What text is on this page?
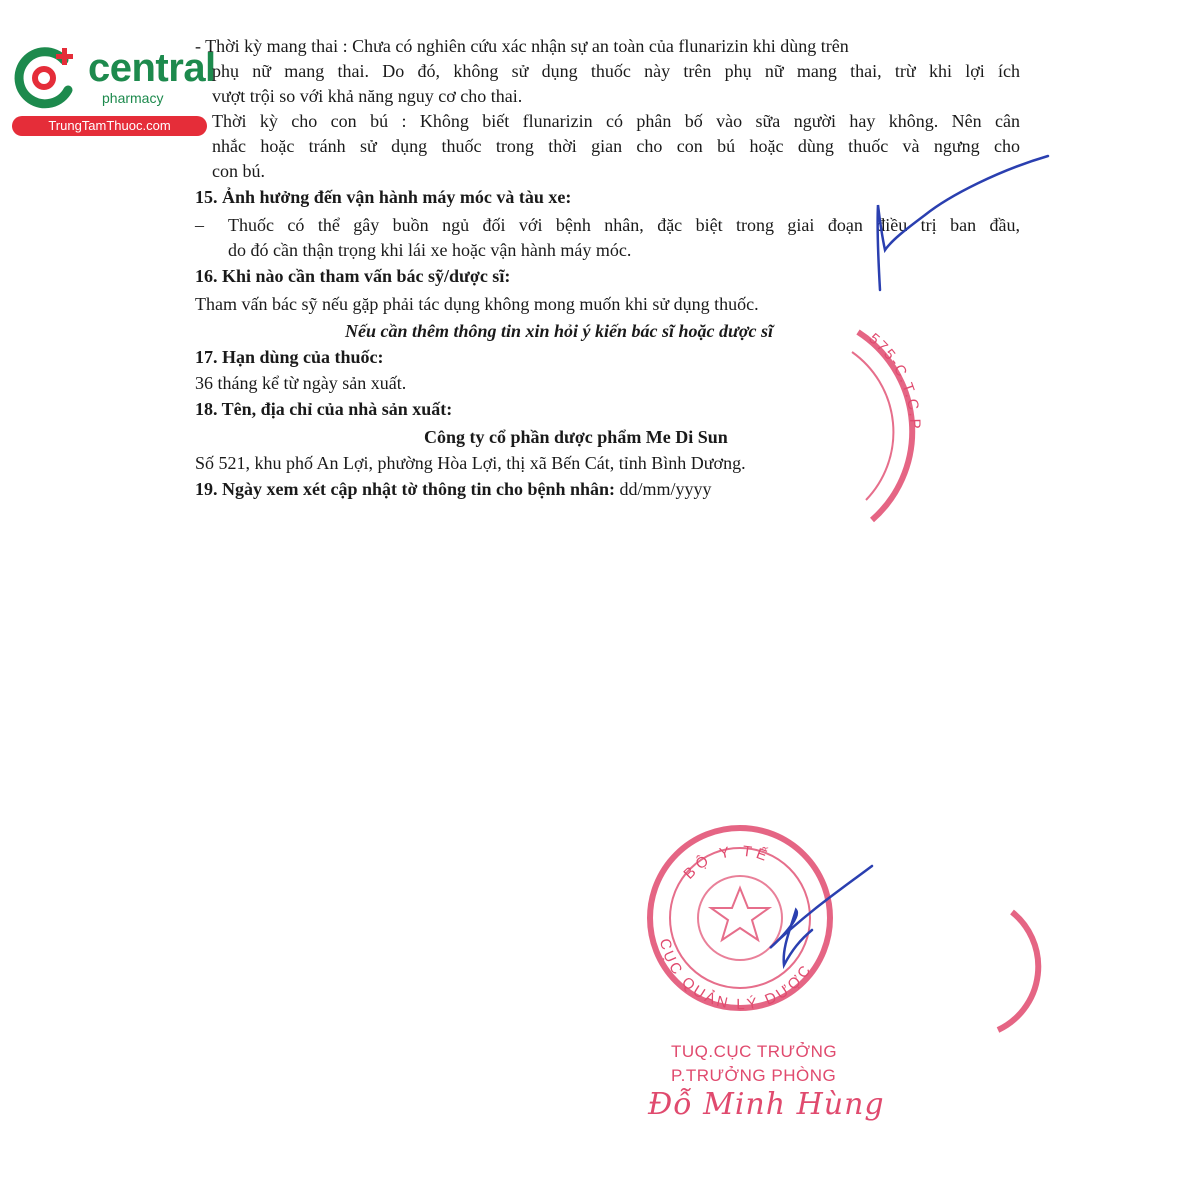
central
pharmacy
TrungTamThuoc.com
- Thời kỳ mang thai : Chưa có nghiên cứu xác nhận sự an toàn của flunarizin khi dùng trên
phụ nữ mang thai. Do đó, không sử dụng thuốc này trên phụ nữ mang thai, trừ khi lợi ích
vượt trội so với khả năng nguy cơ cho thai.
Thời kỳ cho con bú : Không biết flunarizin có phân bố vào sữa người hay không. Nên cân
nhắc hoặc tránh sử dụng thuốc trong thời gian cho con bú hoặc dùng thuốc và ngưng cho
con bú.
15. Ảnh hưởng đến vận hành máy móc và tàu xe:
– Thuốc có thể gây buồn ngủ đối với bệnh nhân, đặc biệt trong giai đoạn điều trị ban đầu,
do đó cần thận trọng khi lái xe hoặc vận hành máy móc.
16. Khi nào cần tham vấn bác sỹ/dược sĩ:
Tham vấn bác sỹ nếu gặp phải tác dụng không mong muốn khi sử dụng thuốc.
Nếu cần thêm thông tin xin hỏi ý kiến bác sĩ hoặc dược sĩ
17. Hạn dùng của thuốc:
36 tháng kể từ ngày sản xuất.
18. Tên, địa chỉ của nhà sản xuất:
Công ty cổ phần dược phẩm Me Di Sun
Số 521, khu phố An Lợi, phường Hòa Lợi, thị xã Bến Cát, tỉnh Bình Dương.
19. Ngày xem xét cập nhật tờ thông tin cho bệnh nhân: dd/mm/yyyy
575-C.T.C.P
BỘ Y TẾ
CỤC QUẢN LÝ DƯỢC
TUQ.CỤC TRƯỞNG
P.TRƯỞNG PHÒNG
Đỗ Minh Hùng
